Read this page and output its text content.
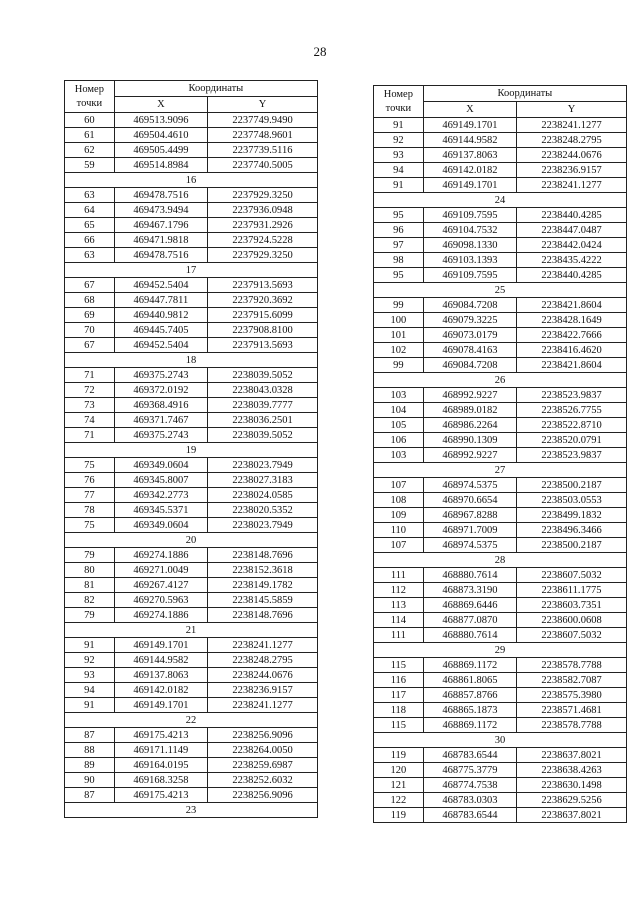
28
Номер
точки	Координаты	
	X	Y
60	469513.9096	2237749.9490
61	469504.4610	2237748.9601
62	469505.4499	2237739.5116
59	469514.8984	2237740.5005
16		
63	469478.7516	2237929.3250
64	469473.9494	2237936.0948
65	469467.1796	2237931.2926
66	469471.9818	2237924.5228
63	469478.7516	2237929.3250
17		
67	469452.5404	2237913.5693
68	469447.7811	2237920.3692
69	469440.9812	2237915.6099
70	469445.7405	2237908.8100
67	469452.5404	2237913.5693
18		
71	469375.2743	2238039.5052
72	469372.0192	2238043.0328
73	469368.4916	2238039.7777
74	469371.7467	2238036.2501
71	469375.2743	2238039.5052
19		
75	469349.0604	2238023.7949
76	469345.8007	2238027.3183
77	469342.2773	2238024.0585
78	469345.5371	2238020.5352
75	469349.0604	2238023.7949
20		
79	469274.1886	2238148.7696
80	469271.0049	2238152.3618
81	469267.4127	2238149.1782
82	469270.5963	2238145.5859
79	469274.1886	2238148.7696
21		
91	469149.1701	2238241.1277
92	469144.9582	2238248.2795
93	469137.8063	2238244.0676
94	469142.0182	2238236.9157
91	469149.1701	2238241.1277
22		
87	469175.4213	2238256.9096
88	469171.1149	2238264.0050
89	469164.0195	2238259.6987
90	469168.3258	2238252.6032
87	469175.4213	2238256.9096
23		
Номер
точки	Координаты	
	X	Y
91	469149.1701	2238241.1277
92	469144.9582	2238248.2795
93	469137.8063	2238244.0676
94	469142.0182	2238236.9157
91	469149.1701	2238241.1277
24		
95	469109.7595	2238440.4285
96	469104.7532	2238447.0487
97	469098.1330	2238442.0424
98	469103.1393	2238435.4222
95	469109.7595	2238440.4285
25		
99	469084.7208	2238421.8604
100	469079.3225	2238428.1649
101	469073.0179	2238422.7666
102	469078.4163	2238416.4620
99	469084.7208	2238421.8604
26		
103	468992.9227	2238523.9837
104	468989.0182	2238526.7755
105	468986.2264	2238522.8710
106	468990.1309	2238520.0791
103	468992.9227	2238523.9837
27		
107	468974.5375	2238500.2187
108	468970.6654	2238503.0553
109	468967.8288	2238499.1832
110	468971.7009	2238496.3466
107	468974.5375	2238500.2187
28		
111	468880.7614	2238607.5032
112	468873.3190	2238611.1775
113	468869.6446	2238603.7351
114	468877.0870	2238600.0608
111	468880.7614	2238607.5032
29		
115	468869.1172	2238578.7788
116	468861.8065	2238582.7087
117	468857.8766	2238575.3980
118	468865.1873	2238571.4681
115	468869.1172	2238578.7788
30		
119	468783.6544	2238637.8021
120	468775.3779	2238638.4263
121	468774.7538	2238630.1498
122	468783.0303	2238629.5256
119	468783.6544	2238637.8021
